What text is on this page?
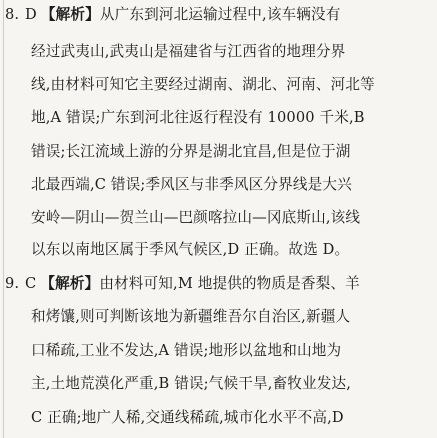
8. D 【解析】从广东到河北运输过程中,该车辆没有
经过武夷山,武夷山是福建省与江西省的地理分界
线,由材料可知它主要经过湖南、湖北、河南、河北等
地,A 错误;广东到河北往返行程没有 10000 千米,B
错误;长江流域上游的分界是湖北宜昌,但是位于湖
北最西端,C 错误;季风区与非季风区分界线是大兴
安岭—阴山—贺兰山—巴颜喀拉山—冈底斯山,该线
以东以南地区属于季风气候区,D 正确。故选 D。
9. C 【解析】由材料可知,M 地提供的物质是香梨、羊
和烤馕,则可判断该地为新疆维吾尔自治区,新疆人
口稀疏,工业不发达,A 错误;地形以盆地和山地为
主,土地荒漠化严重,B 错误;气候干旱,畜牧业发达,
C 正确;地广人稀,交通线稀疏,城市化水平不高,D
